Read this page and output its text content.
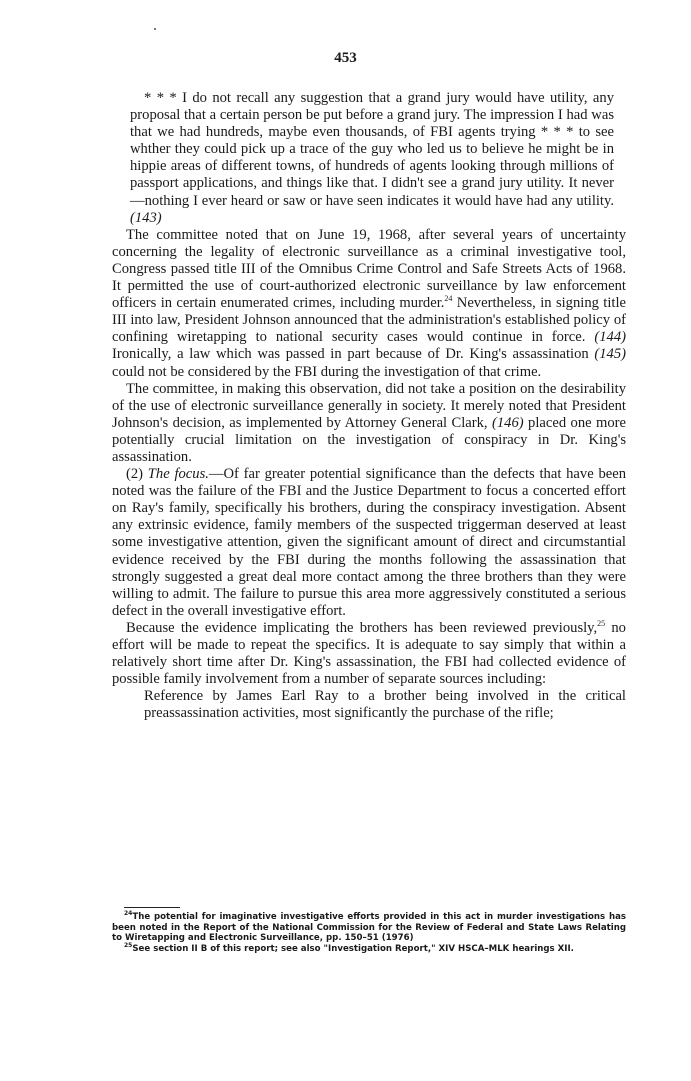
453

* * * I do not recall any suggestion that a grand jury would have utility, any proposal that a certain person be put before a grand jury. The impression I had was that we had hundreds, maybe even thousands, of FBI agents trying * * * to see whther they could pick up a trace of the guy who led us to believe he might be in hippie areas of different towns, of hundreds of agents looking through millions of passport applications, and things like that. I didn't see a grand jury utility. It never—nothing I ever heard or saw or have seen indicates it would have had any utility.(143)

The committee noted that on June 19, 1968, after several years of uncertainty concerning the legality of electronic surveillance as a criminal investigative tool, Congress passed title III of the Omnibus Crime Control and Safe Streets Acts of 1968. It permitted the use of court-authorized electronic surveillance by law enforcement officers in certain enumerated crimes, including murder.$^{24}$ Nevertheless, in signing title III into law, President Johnson announced that the administration's established policy of confining wiretapping to national security cases would continue in force. (144) Ironically, a law which was passed in part because of Dr. King's assassination (145) could not be considered by the FBI during the investigation of that crime.

The committee, in making this observation, did not take a position on the desirability of the use of electronic surveillance generally in society. It merely noted that President Johnson's decision, as implemented by Attorney General Clark, (146) placed one more potentially crucial limitation on the investigation of conspiracy in Dr. King's assassination.

(2) The focus.—Of far greater potential significance than the defects that have been noted was the failure of the FBI and the Justice Department to focus a concerted effort on Ray's family, specifically his brothers, during the conspiracy investigation. Absent any extrinsic evidence, family members of the suspected triggerman deserved at least some investigative attention, given the significant amount of direct and circumstantial evidence received by the FBI during the months following the assassination that strongly suggested a great deal more contact among the three brothers than they were willing to admit. The failure to pursue this area more aggressively constituted a serious defect in the overall investigative effort.

Because the evidence implicating the brothers has been reviewed previously,$^{25}$ no effort will be made to repeat the specifics. It is adequate to say simply that within a relatively short time after Dr. King's assassination, the FBI had collected evidence of possible family involvement from a number of separate sources including:

Reference by James Earl Ray to a brother being involved in the critical preassassination activities, most significantly the purchase of the rifle;

$^{24}$The potential for imaginative investigative efforts provided in this act in murder investigations has been noted in the Report of the National Commission for the Review of Federal and State Laws Relating to Wiretapping and Electronic Surveillance, pp. 150–51 (1976)

$^{25}$See section II B of this report; see also "Investigation Report," XIV HSCA–MLK hearings XII.
